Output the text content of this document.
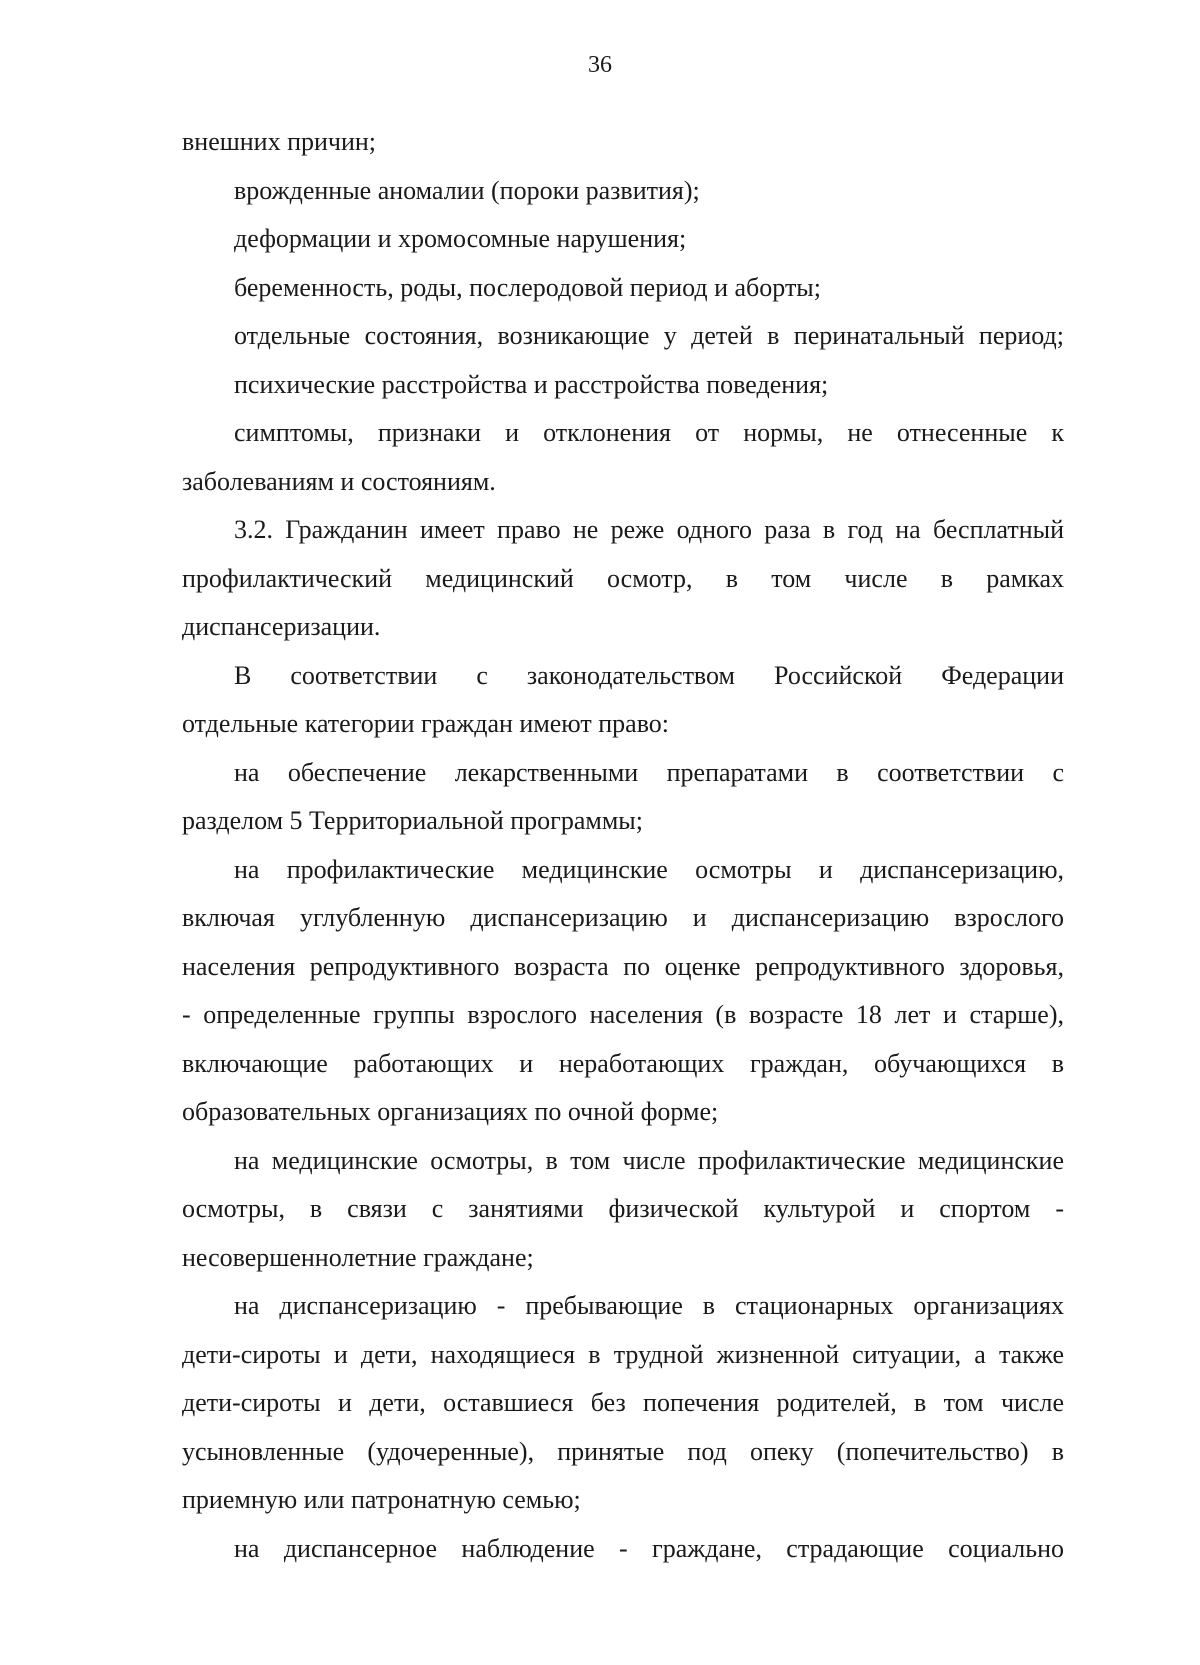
36
внешних причин;
врожденные аномалии (пороки развития);
деформации и хромосомные нарушения;
беременность, роды, послеродовой период и аборты;
отдельные состояния, возникающие у детей в перинатальный период;
психические расстройства и расстройства поведения;
симптомы, признаки и отклонения от нормы, не отнесенные к
заболеваниям и состояниям.
3.2. Гражданин имеет право не реже одного раза в год на бесплатный
профилактический медицинский осмотр, в том числе в рамках
диспансеризации.
В соответствии с законодательством Российской Федерации
отдельные категории граждан имеют право:
на обеспечение лекарственными препаратами в соответствии с
разделом 5 Территориальной программы;
на профилактические медицинские осмотры и диспансеризацию,
включая углубленную диспансеризацию и диспансеризацию взрослого
населения репродуктивного возраста по оценке репродуктивного здоровья,
- определенные группы взрослого населения (в возрасте 18 лет и старше),
включающие работающих и неработающих граждан, обучающихся в
образовательных организациях по очной форме;
на медицинские осмотры, в том числе профилактические медицинские
осмотры, в связи с занятиями физической культурой и спортом -
несовершеннолетние граждане;
на диспансеризацию - пребывающие в стационарных организациях
дети-сироты и дети, находящиеся в трудной жизненной ситуации, а также
дети-сироты и дети, оставшиеся без попечения родителей, в том числе
усыновленные (удочеренные), принятые под опеку (попечительство) в
приемную или патронатную семью;
на диспансерное наблюдение - граждане, страдающие социально
